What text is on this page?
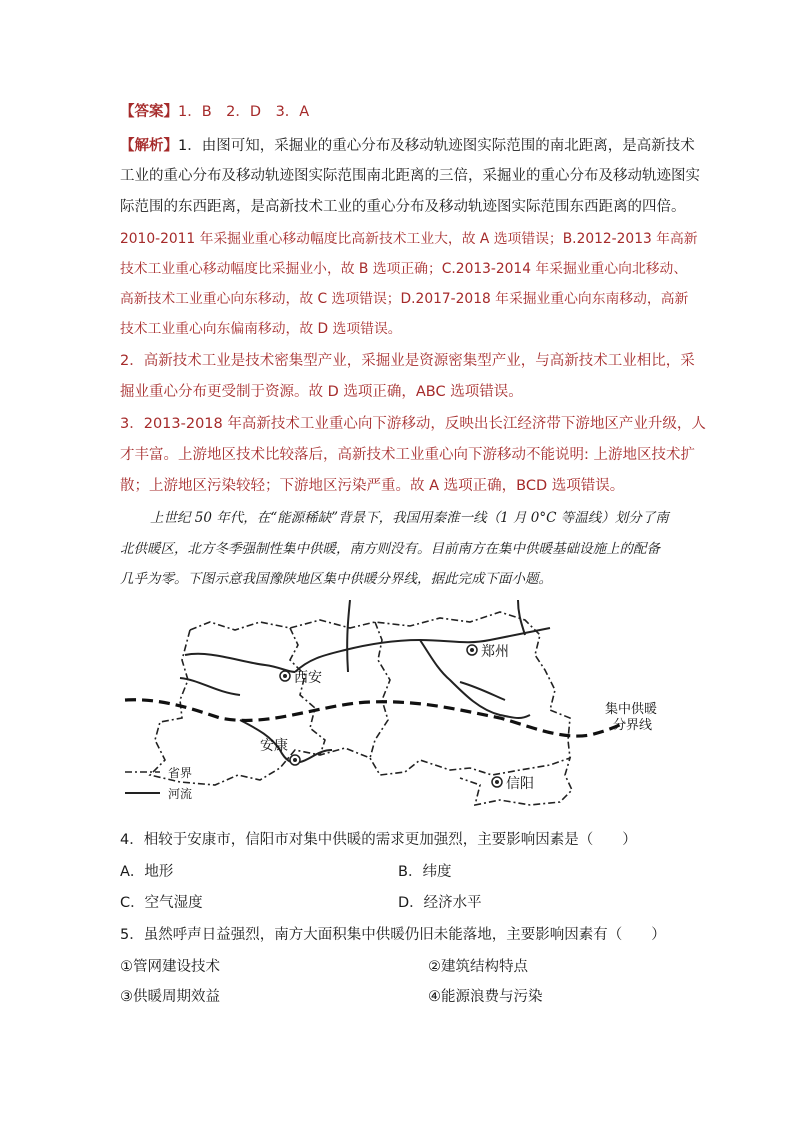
【答案】1．B　2．D　3．A
【解析】1．由图可知，采掘业的重心分布及移动轨迹图实际范围的南北距离，是高新技术
工业的重心分布及移动轨迹图实际范围南北距离的三倍，采掘业的重心分布及移动轨迹图实
际范围的东西距离，是高新技术工业的重心分布及移动轨迹图实际范围东西距离的四倍。
2010-2011 年采掘业重心移动幅度比高新技术工业大，故 A 选项错误；B.2012-2013 年高新
技术工业重心移动幅度比采掘业小，故 B 选项正确；C.2013-2014 年采掘业重心向北移动、
高新技术工业重心向东移动，故 C 选项错误；D.2017-2018 年采掘业重心向东南移动，高新
技术工业重心向东偏南移动，故 D 选项错误。
2．高新技术工业是技术密集型产业，采掘业是资源密集型产业，与高新技术工业相比，采
掘业重心分布更受制于资源。故 D 选项正确，ABC 选项错误。
3．2013-2018 年高新技术工业重心向下游移动，反映出长江经济带下游地区产业升级，人
才丰富。上游地区技术比较落后，高新技术工业重心向下游移动不能说明: 上游地区技术扩
散；上游地区污染较轻；下游地区污染严重。故 A 选项正确，BCD 选项错误。
上世纪 50 年代，在“能源稀缺”背景下，我国用秦淮一线（1 月 0°C 等温线）划分了南
北供暖区，北方冬季强制性集中供暖，南方则没有。目前南方在集中供暖基础设施上的配备
几乎为零。下图示意我国豫陕地区集中供暖分界线，据此完成下面小题。
西安
郑州
安康
信阳
集中供暖
分界线
省界
河流
4．相较于安康市，信阳市对集中供暖的需求更加强烈，主要影响因素是（　　）
A．地形	B．纬度
C．空气湿度	D．经济水平
5．虽然呼声日益强烈，南方大面积集中供暖仍旧未能落地，主要影响因素有（　　）
①管网建设技术	②建筑结构特点
③供暖周期效益	④能源浪费与污染
